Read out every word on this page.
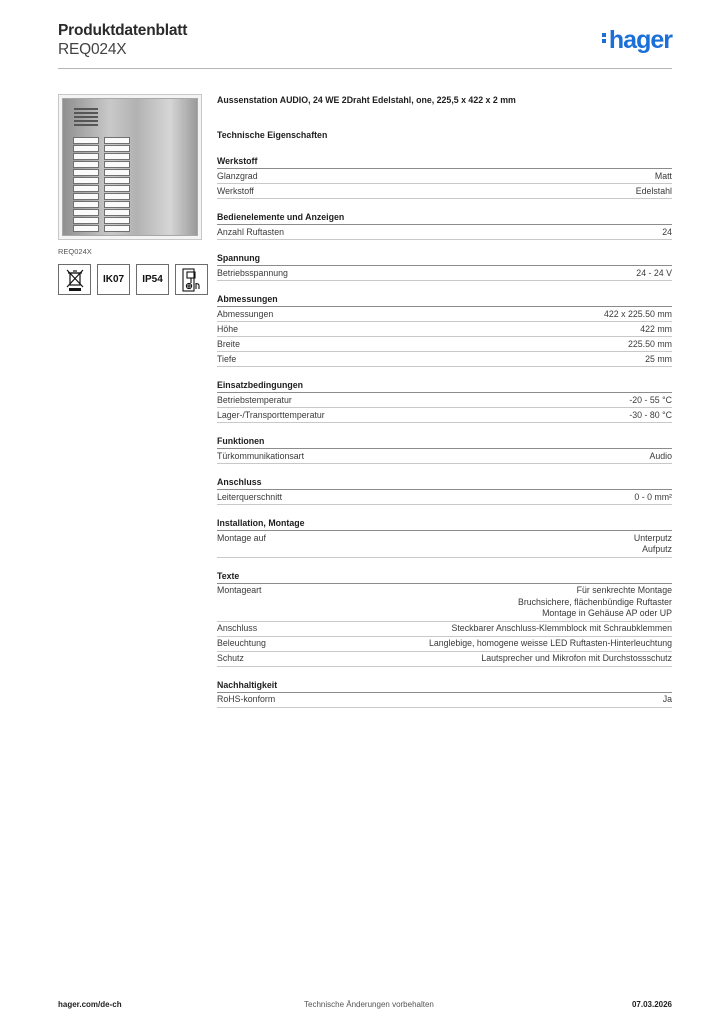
Produktdatenblatt
REQ024X	hager
REQ024X
IK07	IP54
Aussenstation AUDIO, 24 WE 2Draht Edelstahl, one, 225,5 x 422 x 2 mm
Technische Eigenschaften
Werkstoff
Glanzgrad	Matt
Werkstoff	Edelstahl
Bedienelemente und Anzeigen
Anzahl Ruftasten	24
Spannung
Betriebsspannung	24 - 24 V
Abmessungen
Abmessungen	422 x 225.50 mm
Höhe	422 mm
Breite	225.50 mm
Tiefe	25 mm
Einsatzbedingungen
Betriebstemperatur	-20 - 55 °C
Lager-/Transporttemperatur	-30 - 80 °C
Funktionen
Türkommunikationsart	Audio
Anschluss
Leiterquerschnitt	0 - 0 mm²
Installation, Montage
Montage auf	Unterputz
Aufputz
Texte
Montageart	Für senkrechte Montage
Bruchsichere, flächenbündige Ruftaster
Montage in Gehäuse AP oder UP
Anschluss	Steckbarer Anschluss-Klemmblock mit Schraubklemmen
Beleuchtung	Langlebige, homogene weisse LED Ruftasten-Hinterleuchtung
Schutz	Lautsprecher und Mikrofon mit Durchstossschutz
Nachhaltigkeit
RoHS-konform	Ja
hager.com/de-ch	Technische Änderungen vorbehalten	07.03.2026
